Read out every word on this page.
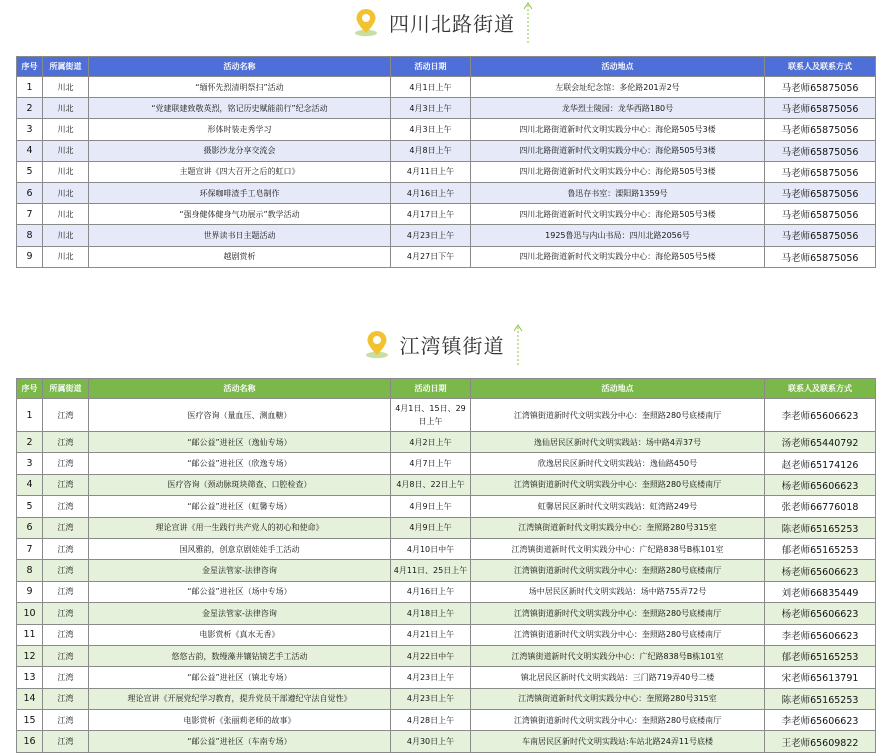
四川北路街道
序号	所属街道	活动名称	活动日期	活动地点	联系人及联系方式
1	川北	“缅怀先烈清明祭扫”活动	4月1日上午	左联会址纪念馆：多伦路201弄2号	马老师65875056
2	川北	“党建联建致敬英烈，铭记历史赋能前行”纪念活动	4月3日上午	龙华烈士陵园：龙华西路180号	马老师65875056
3	川北	形体时装走秀学习	4月3日上午	四川北路街道新时代文明实践分中心：海伦路505号3楼	马老师65875056
4	川北	摄影沙龙分享交流会	4月8日上午	四川北路街道新时代文明实践分中心：海伦路505号3楼	马老师65875056
5	川北	主题宣讲《四大召开之后的虹口》	4月11日上午	四川北路街道新时代文明实践分中心：海伦路505号3楼	马老师65875056
6	川北	环保咖啡渣手工皂制作	4月16日上午	鲁迅存书室：溧阳路1359号	马老师65875056
7	川北	“强身健体健身气功展示”教学活动	4月17日上午	四川北路街道新时代文明实践分中心：海伦路505号3楼	马老师65875056
8	川北	世界读书日主题活动	4月23日上午	1925鲁迅与内山书局：四川北路2056号	马老师65875056
9	川北	越剧赏析	4月27日下午	四川北路街道新时代文明实践分中心：海伦路505号5楼	马老师65875056
江湾镇街道
序号	所属街道	活动名称	活动日期	活动地点	联系人及联系方式
1	江湾	医疗咨询（量血压、测血糖）	4月1日、15日、29日上午	江湾镇街道新时代文明实践分中心：奎照路280号底楼南厅	李老师65606623
2	江湾	“邮公益”进社区（逸仙专场）	4月2日上午	逸仙居民区新时代文明实践站：场中路4弄37号	汤老师65440792
3	江湾	“邮公益”进社区（欣逸专场）	4月7日上午	欣逸居民区新时代文明实践站：逸仙路450号	赵老师65174126
4	江湾	医疗咨询（颈动脉斑块筛查、口腔检查）	4月8日、22日上午	江湾镇街道新时代文明实践分中心：奎照路280号底楼南厅	杨老师65606623
5	江湾	“邮公益”进社区（虹馨专场）	4月9日上午	虹馨居民区新时代文明实践站：虹湾路249号	张老师66776018
6	江湾	理论宣讲《用一生践行共产党人的初心和使命》	4月9日上午	江湾镇街道新时代文明实践分中心：奎照路280号315室	陈老师65165253
7	江湾	国风雅韵，创意京剧娃娃手工活动	4月10日中午	江湾镇街道新时代文明实践分中心：广纪路838号B栋101室	郁老师65165253
8	江湾	金星法管家-法律咨询	4月11日、25日上午	江湾镇街道新时代文明实践分中心：奎照路280号底楼南厅	杨老师65606623
9	江湾	“邮公益”进社区（场中专场）	4月16日上午	场中居民区新时代文明实践站：场中路755弄72号	刘老师66835449
10	江湾	金星法管家-法律咨询	4月18日上午	江湾镇街道新时代文明实践分中心：奎照路280号底楼南厅	杨老师65606623
11	江湾	电影赏析《真水无香》	4月21日上午	江湾镇街道新时代文明实践分中心：奎照路280号底楼南厅	李老师65606623
12	江湾	悠悠古韵，数缦藻井镶钻镜艺手工活动	4月22日中午	江湾镇街道新时代文明实践分中心：广纪路838号B栋101室	郁老师65165253
13	江湾	“邮公益”进社区（镇北专场）	4月23日上午	镇北居民区新时代文明实践站：三门路719弄40号二楼	宋老师65613791
14	江湾	理论宣讲《开展党纪学习教育，提升党员干部遵纪守法自觉性》	4月23日上午	江湾镇街道新时代文明实践分中心：奎照路280号315室	陈老师65165253
15	江湾	电影赏析《张丽莉老师的故事》	4月28日上午	江湾镇街道新时代文明实践分中心：奎照路280号底楼南厅	李老师65606623
16	江湾	“邮公益”进社区（车南专场）	4月30日上午	车南居民区新时代文明实践站:车站北路24弄11号底楼	王老师65609822
